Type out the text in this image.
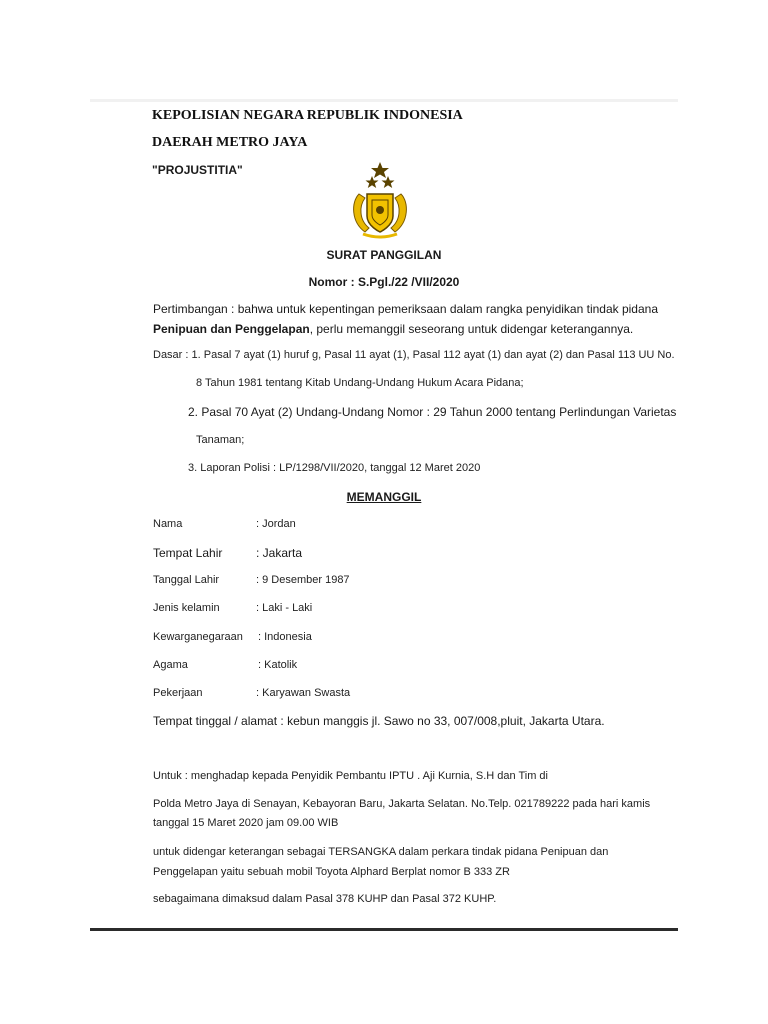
KEPOLISIAN NEGARA REPUBLIK INDONESIA
DAERAH METRO JAYA
"PROJUSTITIA"
SURAT PANGGILAN
Nomor : S.Pgl./22 /VII/2020
Pertimbangan : bahwa untuk kepentingan pemeriksaan dalam rangka penyidikan tindak pidana
Penipuan dan Penggelapan, perlu memanggil seseorang untuk didengar keterangannya.
Dasar : 1. Pasal 7 ayat (1) huruf g, Pasal 11 ayat (1), Pasal 112 ayat (1) dan ayat (2) dan Pasal 113 UU No.
8 Tahun 1981 tentang Kitab Undang-Undang Hukum Acara Pidana;
2. Pasal 70 Ayat (2) Undang-Undang Nomor : 29 Tahun 2000 tentang Perlindungan Varietas
Tanaman;
3. Laporan Polisi : LP/1298/VII/2020, tanggal 12 Maret 2020
MEMANGGIL
Nama	: Jordan
Tempat Lahir	: Jakarta
Tanggal Lahir	: 9 Desember 1987
Jenis kelamin	: Laki - Laki
Kewarganegaraan : Indonesia
Agama	: Katolik
Pekerjaan	: Karyawan Swasta
Tempat tinggal / alamat : kebun manggis jl. Sawo no 33, 007/008,pluit, Jakarta Utara.
Untuk : menghadap kepada Penyidik Pembantu IPTU . Aji Kurnia, S.H dan Tim di
Polda Metro Jaya di Senayan, Kebayoran Baru, Jakarta Selatan. No.Telp. 021789222 pada hari kamis
tanggal 15 Maret 2020 jam 09.00 WIB
untuk didengar keterangan sebagai TERSANGKA dalam perkara tindak pidana Penipuan dan
Penggelapan yaitu sebuah mobil Toyota Alphard Berplat nomor B 333 ZR
sebagaimana dimaksud dalam Pasal 378 KUHP dan Pasal 372 KUHP.
